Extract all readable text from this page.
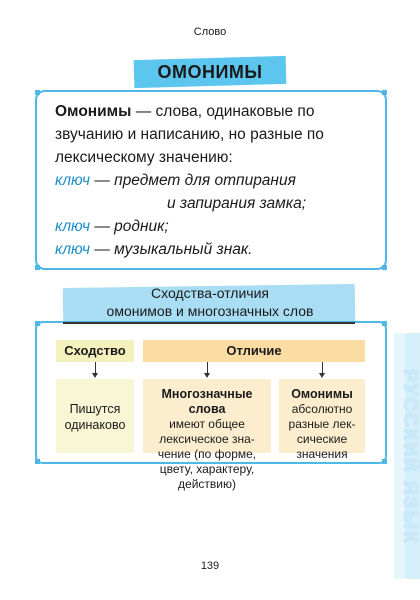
Слово
ОМОНИМЫ
Омонимы — слова, одинаковые по звучанию и написанию, но разные по лексическому значению:
ключ — предмет для отпирания
и запирания замка;
ключ — родник;
ключ — музыкальный знак.
Сходства-отличия
омонимов и многозначных слов
Сходство	Отличие
Пишутся одинаково
Многозначные слова
имеют общее лексическое зна-чение (по форме, цвету, характеру, действию)
Омонимы
абсолютно разные лек-сические значения	РУССКИЙ ЯЗЫК
139
